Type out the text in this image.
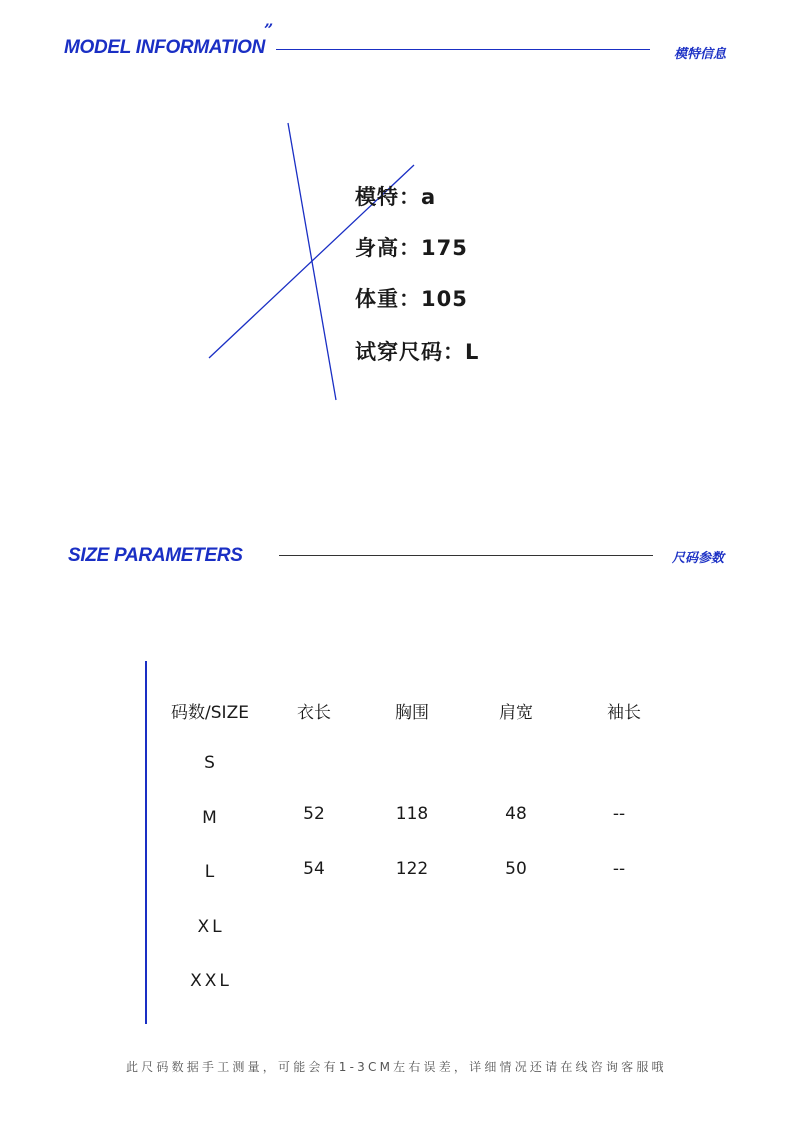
MODEL INFORMATION
”
模特信息
模特：a
身高：175
体重：105
试穿尺码：L
SIZE PARAMETERS	尺码参数
码数/SIZE	衣长	胸围	肩宽	袖长
S
M	52	118	48	--
L	54	122	50	--
XL
XXL
此尺码数据手工测量，可能会有1-3CM左右误差，详细情况还请在线咨询客服哦
